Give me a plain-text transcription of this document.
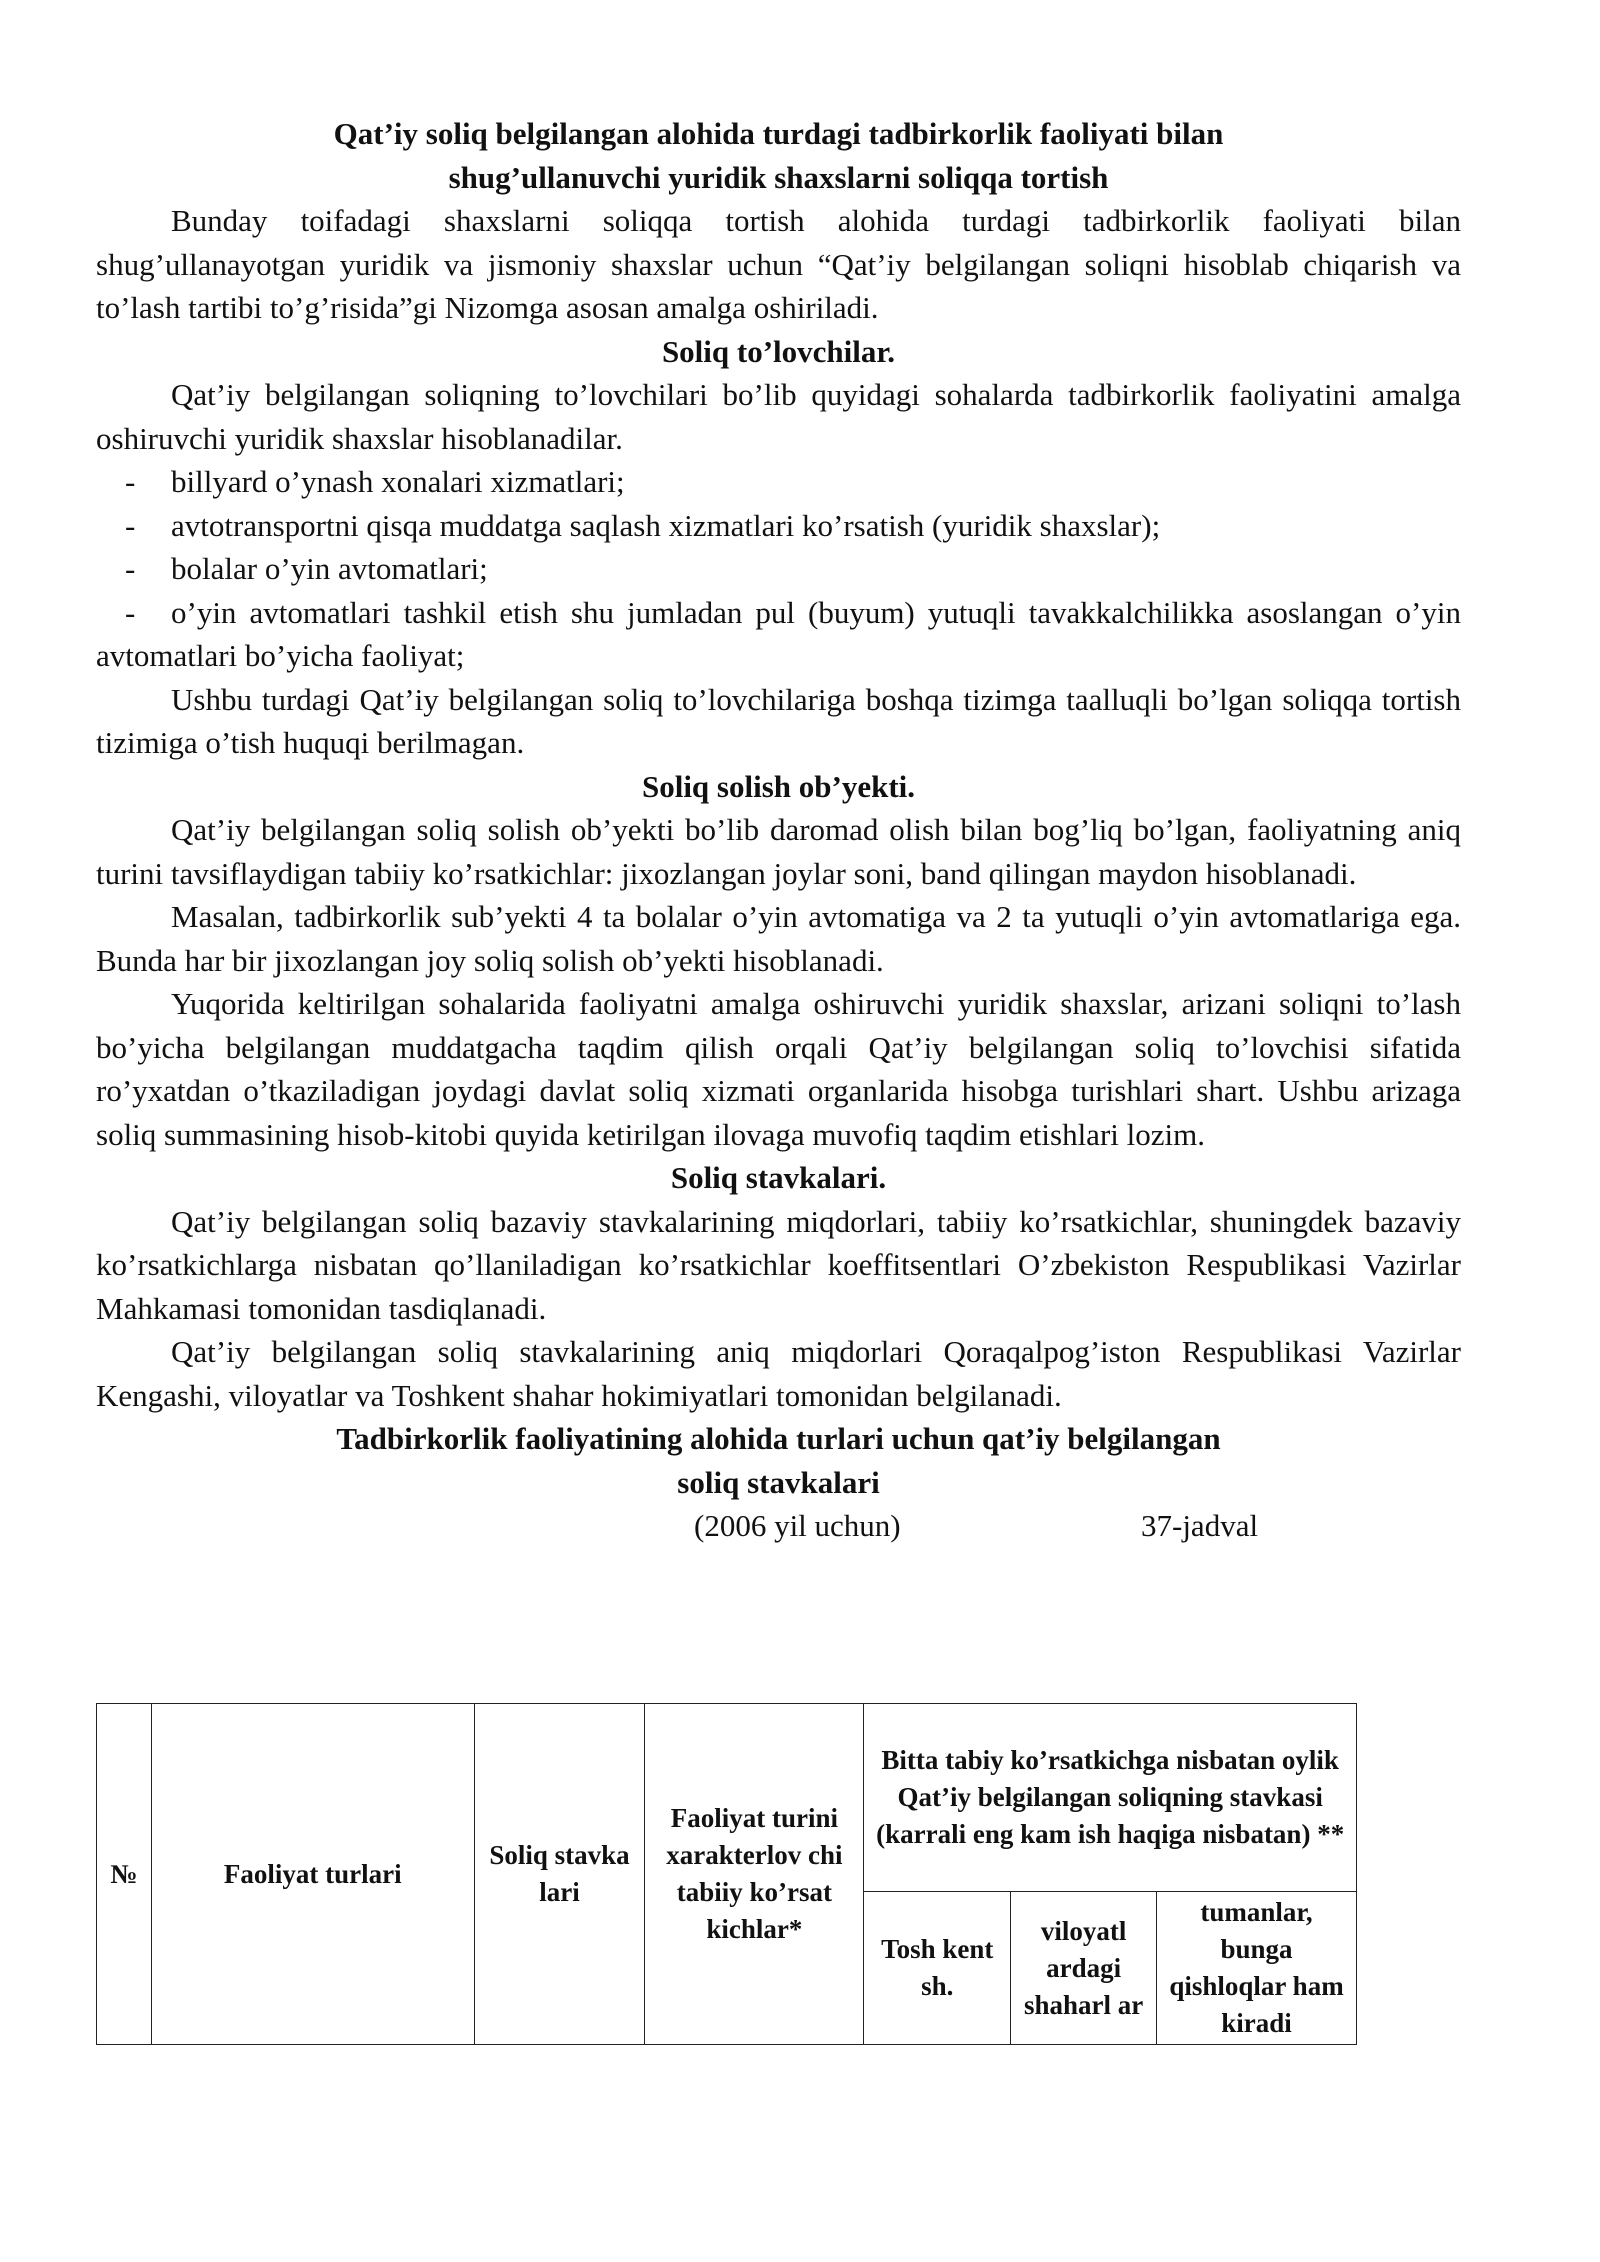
Qat’iy soliq belgilangan alohida turdagi tadbirkorlik faoliyati bilan

shug’ullanuvchi yuridik shaxslarni soliqqa tortish

Bunday toifadagi shaxslarni soliqqa tortish alohida turdagi tadbirkorlik faoliyati bilan shug’ullanayotgan yuridik va jismoniy shaxslar uchun “Qat’iy belgilangan soliqni hisoblab chiqarish va to’lash tartibi to’g’risida”gi Nizomga asosan amalga oshiriladi.

Soliq to’lovchilar.

Qat’iy belgilangan soliqning to’lovchilari bo’lib quyidagi sohalarda tadbirkorlik faoliyatini amalga oshiruvchi yuridik shaxslar hisoblanadilar.

- billyard o’ynash xonalari xizmatlari;

- avtotransportni qisqa muddatga saqlash xizmatlari ko’rsatish (yuridik shaxslar);

- bolalar o’yin avtomatlari;

- o’yin avtomatlari tashkil etish shu jumladan pul (buyum) yutuqli tavakkalchilikka asoslangan o’yin avtomatlari bo’yicha faoliyat;

Ushbu turdagi Qat’iy belgilangan soliq to’lovchilariga boshqa tizimga taalluqli bo’lgan soliqqa tortish tizimiga o’tish huquqi berilmagan.

Soliq solish ob’yekti.

Qat’iy belgilangan soliq solish ob’yekti bo’lib daromad olish bilan bog’liq bo’lgan, faoliyatning aniq turini tavsiflaydigan tabiiy ko’rsatkichlar: jixozlangan joylar soni, band qilingan maydon hisoblanadi.

Masalan, tadbirkorlik sub’yekti 4 ta bolalar o’yin avtomatiga va 2 ta yutuqli o’yin avtomatlariga ega. Bunda har bir jixozlangan joy soliq solish ob’yekti hisoblanadi.

Yuqorida keltirilgan sohalarida faoliyatni amalga oshiruvchi yuridik shaxslar, arizani soliqni to’lash bo’yicha belgilangan muddatgacha taqdim qilish orqali Qat’iy belgilangan soliq to’lovchisi sifatida ro’yxatdan o’tkaziladigan joydagi davlat soliq xizmati organlarida hisobga turishlari shart. Ushbu arizaga soliq summasining hisob-kitobi quyida ketirilgan ilovaga muvofiq taqdim etishlari lozim.

Soliq stavkalari.

Qat’iy belgilangan soliq bazaviy stavkalarining miqdorlari, tabiiy ko’rsatkichlar, shuningdek bazaviy ko’rsatkichlarga nisbatan qo’llaniladigan ko’rsatkichlar koeffitsentlari O’zbekiston Respublikasi Vazirlar Mahkamasi tomonidan tasdiqlanadi.

Qat’iy belgilangan soliq stavkalarining aniq miqdorlari Qoraqalpog’iston Respublikasi Vazirlar Kengashi, viloyatlar va Toshkent shahar hokimiyatlari tomonidan belgilanadi.

Tadbirkorlik faoliyatining alohida turlari uchun qat’iy belgilangan

soliq stavkalari

(2006 yil uchun)	37-jadval
№	Faoliyat turlari	Soliq stavka lari	Faoliyat turini xarakterlov chi tabiiy ko’rsat kichlar*	Bitta tabiy ko’rsatkichga nisbatan oylik Qat’iy belgilangan soliqning stavkasi (karrali eng kam ish haqiga nisbatan) **		
				Tosh kent sh.	viloyatl ardagi shaharl ar	tumanlar, bunga qishloqlar ham kiradi
